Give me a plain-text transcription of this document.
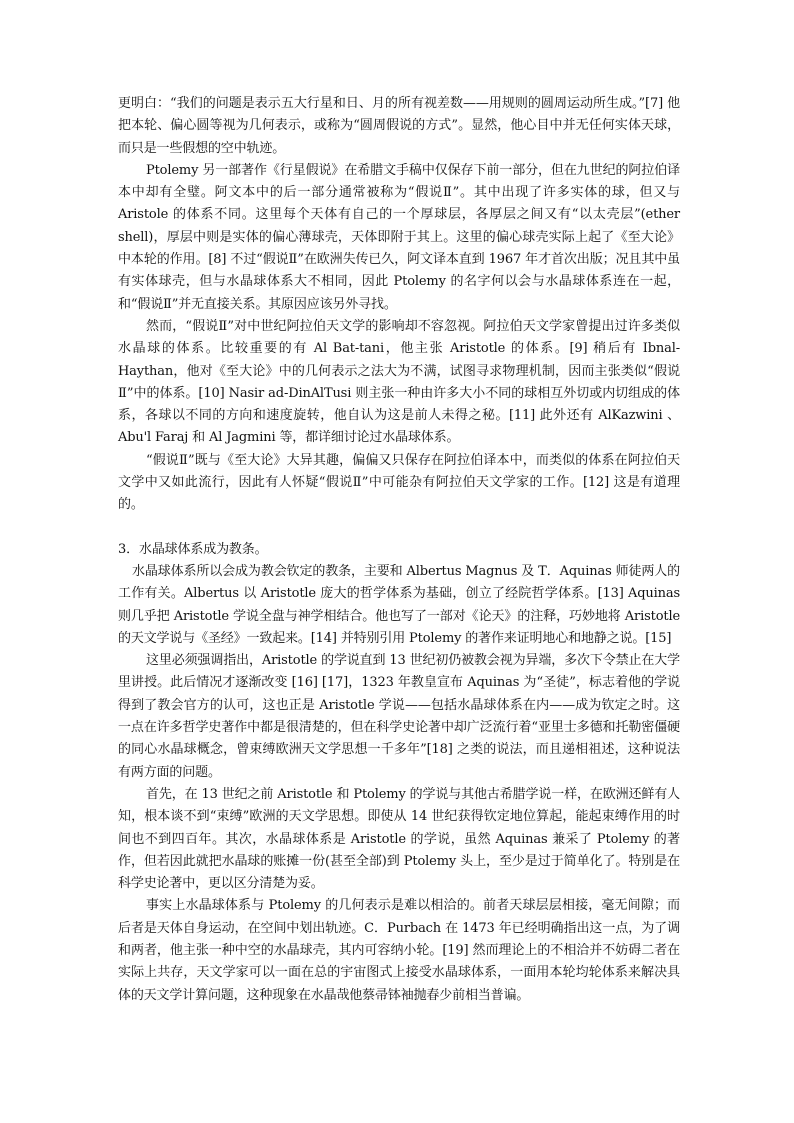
更明白：“我们的问题是表示五大行星和日、月的所有视差数——用规则的圆周运动所生成。”[7] 他把本轮、偏心圆等视为几何表示，或称为“圆周假说的方式”。显然，他心目中并无任何实体天球，而只是一些假想的空中轨迹。

Ptolemy 另一部著作《行星假说》在希腊文手稿中仅保存下前一部分，但在九世纪的阿拉伯译本中却有全璧。阿文本中的后一部分通常被称为“假说Ⅱ”。其中出现了许多实体的球，但又与 Aristole 的体系不同。这里每个天体有自己的一个厚球层，各厚层之间又有“以太壳层”(ether shell)，厚层中则是实体的偏心薄球壳，天体即附于其上。这里的偏心球壳实际上起了《至大论》中本轮的作用。[8] 不过“假说Ⅱ”在欧洲失传已久，阿文译本直到 1967 年才首次出版；况且其中虽有实体球壳，但与水晶球体系大不相同，因此 Ptolemy 的名字何以会与水晶球体系连在一起，和“假说Ⅱ”并无直接关系。其原因应该另外寻找。

然而，“假说Ⅱ”对中世纪阿拉伯天文学的影响却不容忽视。阿拉伯天文学家曾提出过许多类似水晶球的体系。比较重要的有 Al Bat-tani，他主张 Aristotle 的体系。[9] 稍后有 Ibnal-Haythan，他对《至大论》中的几何表示之法大为不满，试图寻求物理机制，因而主张类似“假说Ⅱ”中的体系。[10] Nasir ad-DinAlTusi 则主张一种由许多大小不同的球相互外切或内切组成的体系，各球以不同的方向和速度旋转，他自认为这是前人未得之秘。[11] 此外还有 AlKazwini 、Abu'l Faraj 和 Al Jagmini 等，都详细讨论过水晶球体系。

“假说Ⅱ”既与《至大论》大异其趣，偏偏又只保存在阿拉伯译本中，而类似的体系在阿拉伯天文学中又如此流行，因此有人怀疑“假说Ⅱ”中可能杂有阿拉伯天文学家的工作。[12] 这是有道理的。

3．水晶球体系成为教条。

水晶球体系所以会成为教会钦定的教条，主要和 Albertus Magnus 及 T．Aquinas 师徒两人的工作有关。Albertus 以 Aristotle 庞大的哲学体系为基础，创立了经院哲学体系。[13] Aquinas 则几乎把 Aristotle 学说全盘与神学相结合。他也写了一部对《论天》的注释，巧妙地将 Aristotle 的天文学说与《圣经》一致起来。[14] 并特别引用 Ptolemy 的著作来证明地心和地静之说。[15]

这里必须强调指出，Aristotle 的学说直到 13 世纪初仍被教会视为异端，多次下令禁止在大学里讲授。此后情况才逐渐改变 [16] [17]，1323 年教皇宣布 Aquinas 为“圣徒”，标志着他的学说得到了教会官方的认可，这也正是 Aristotle 学说——包括水晶球体系在内——成为钦定之时。这一点在许多哲学史著作中都是很清楚的，但在科学史论著中却广泛流行着“亚里士多德和托勒密僵硬的同心水晶球概念，曾束缚欧洲天文学思想一千多年”[18] 之类的说法，而且递相祖述，这种说法有两方面的问题。

首先，在 13 世纪之前 Aristotle 和 Ptolemy 的学说与其他古希腊学说一样，在欧洲还鲜有人知，根本谈不到“束缚”欧洲的天文学思想。即使从 14 世纪获得钦定地位算起，能起束缚作用的时间也不到四百年。其次，水晶球体系是 Aristotle 的学说，虽然 Aquinas 兼采了 Ptolemy 的著作，但若因此就把水晶球的账摊一份(甚至全部)到 Ptolemy 头上，至少是过于简单化了。特别是在科学史论著中，更以区分清楚为妥。

事实上水晶球体系与 Ptolemy 的几何表示是难以相洽的。前者天球层层相接，毫无间隙；而后者是天体自身运动，在空间中划出轨迹。C．Purbach 在 1473 年已经明确指出这一点，为了调和两者，他主张一种中空的水晶球壳，其内可容纳小轮。[19] 然而理论上的不相洽并不妨碍二者在实际上共存，天文学家可以一面在总的宇宙图式上接受水晶球体系，一面用本轮均轮体系来解决具体的天文学计算问题，这种现象在水晶哉他蔡帚钵袖抛春少前相当普谝。
